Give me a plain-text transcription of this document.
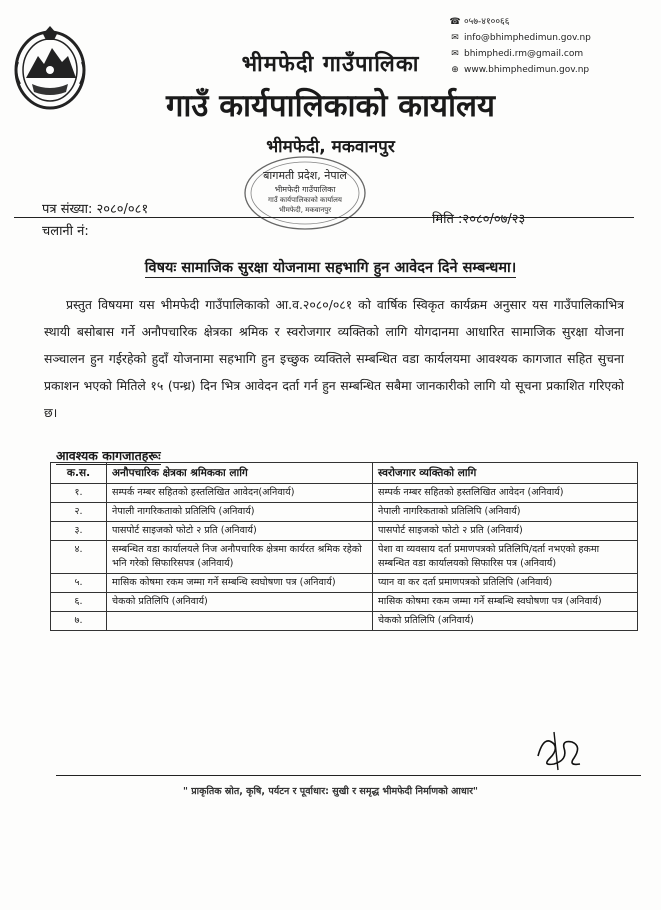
☎ ०५७-४१००६६
✉ info@bhimphedimun.gov.np
✉ bhimphedi.rm@gmail.com
⊕ www.bhimphedimun.gov.np
भीमफेदी गाउँपालिका
गाउँ कार्यपालिकाको कार्यालय
भीमफेदी, मकवानपुर
बागमती प्रदेश, नेपाल
भीमफेदी गाउँपालिका
गाउँ कार्यपालिकाको कार्यालय
भीमफेदी, मकवानपुर
पत्र संख्या: २०८०/०८१
मिति :२०८०/०७/२३
चलानी नं:
विषयः सामाजिक सुरक्षा योजनामा सहभागि हुन आवेदन दिने सम्बन्धमा।

प्रस्तुत विषयमा यस भीमफेदी गाउँपालिकाको आ.व.२०८०/०८१ को वार्षिक स्विकृत कार्यक्रम अनुसार यस गाउँपालिकाभित्र स्थायी बसोबास गर्ने अनौपचारिक क्षेत्रका श्रमिक र स्वरोजगार व्यक्तिको लागि योगदानमा आधारित सामाजिक सुरक्षा योजना सञ्चालन हुन गईरहेको हुदाँ योजनामा सहभागि हुन इच्छुक व्यक्तिले सम्बन्धित वडा कार्यलयमा आवश्यक कागजात सहित सुचना प्रकाशन भएको मितिले १५ (पन्ध्र) दिन भित्र आवेदन दर्ता गर्न हुन सम्बन्धित सबैमा जानकारीको लागि यो सूचना प्रकाशित गरिएको छ।

आवश्यक कागजातहरूः
क.स.	अनौपचारिक क्षेत्रका श्रमिकका लागि	स्वरोजगार व्यक्तिको लागि
१.	सम्पर्क नम्बर सहितको हस्तलिखित आवेदन(अनिवार्य)	सम्पर्क नम्बर सहितको हस्तलिखित आवेदन (अनिवार्य)
२.	नेपाली नागरिकताको प्रतिलिपि (अनिवार्य)	नेपाली नागरिकताको प्रतिलिपि (अनिवार्य)
३.	पासपोर्ट साइजको फोटो २ प्रति (अनिवार्य)	पासपोर्ट साइजको फोटो २ प्रति (अनिवार्य)
४.	सम्बन्धित वडा कार्यालयले निज अनौपचारिक क्षेत्रमा कार्यरत श्रमिक रहेको भनि गरेको सिफारिसपत्र (अनिवार्य)	पेशा वा व्यवसाय दर्ता प्रमाणपत्रको प्रतिलिपि/दर्ता नभएको हकमा सम्बन्धित वडा कार्यालयको सिफारिस पत्र (अनिवार्य)
५.	मासिक कोषमा रकम जम्मा गर्ने सम्बन्धि स्वघोषणा पत्र (अनिवार्य)	प्यान वा कर दर्ता प्रमाणपत्रको प्रतिलिपि (अनिवार्य)
६.	चेकको प्रतिलिपि (अनिवार्य)	मासिक कोषमा रकम जम्मा गर्ने सम्बन्धि स्वघोषणा पत्र (अनिवार्य)
७.		चेकको प्रतिलिपि (अनिवार्य)
" प्राकृतिक स्रोत, कृषि, पर्यटन र पूर्वाधार: सुखी र समृद्ध भीमफेदी निर्माणको आधार"
